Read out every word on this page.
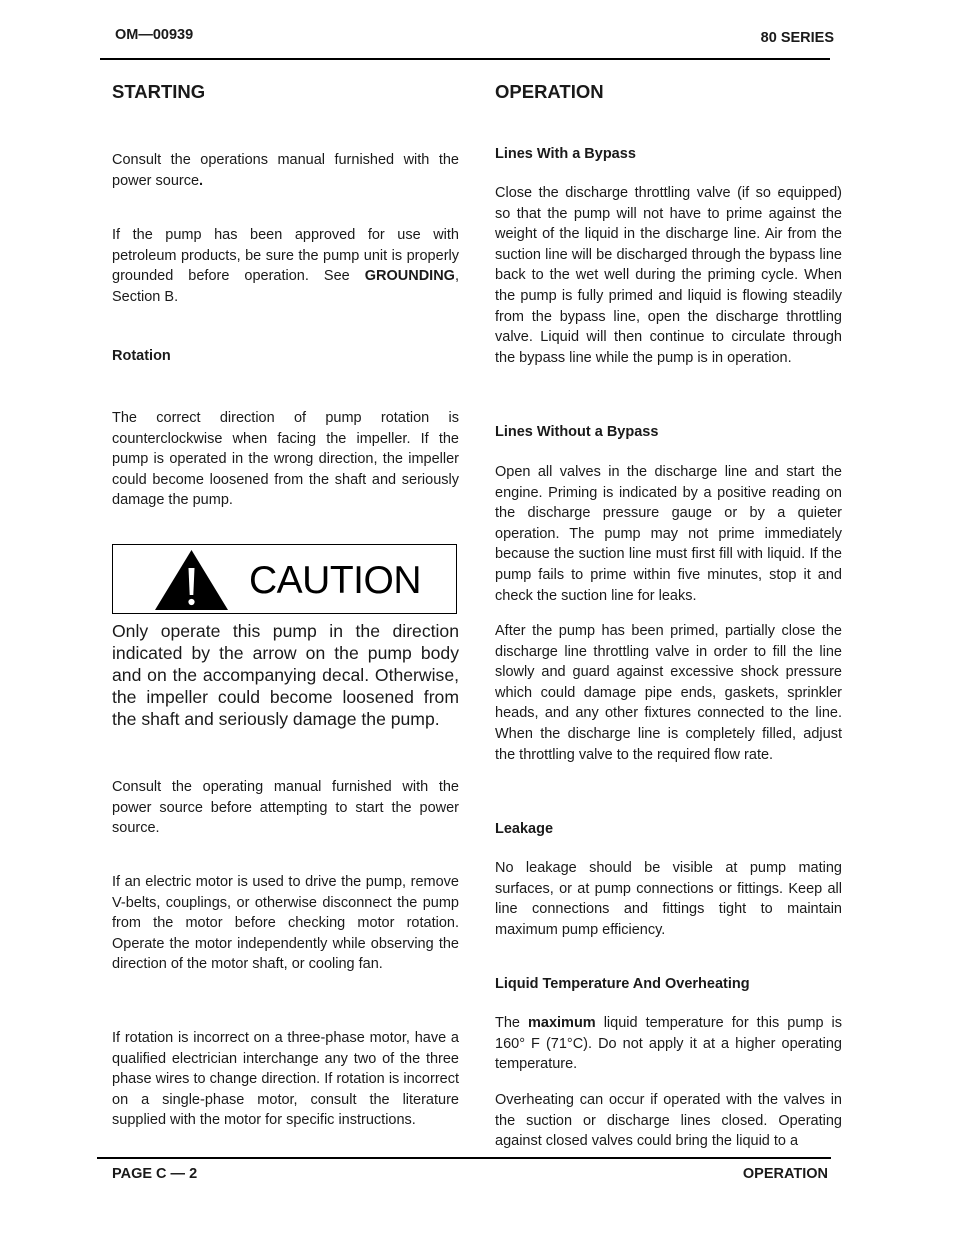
OM—00939	80 SERIES
STARTING

Consult the operations manual furnished with the power source.

If the pump has been approved for use with petroleum products, be sure the pump unit is properly grounded before operation. See GROUNDING, Section B.

Rotation

The correct direction of pump rotation is counterclockwise when facing the impeller. If the pump is operated in the wrong direction, the impeller could become loosened from the shaft and seriously damage the pump.

CAUTION

Only operate this pump in the direction indicated by the arrow on the pump body and on the accompanying decal. Otherwise, the impeller could become loosened from the shaft and seriously damage the pump.

Consult the operating manual furnished with the power source before attempting to start the power source.

If an electric motor is used to drive the pump, remove V-belts, couplings, or otherwise disconnect the pump from the motor before checking motor rotation. Operate the motor independently while observing the direction of the motor shaft, or cooling fan.

If rotation is incorrect on a three-phase motor, have a qualified electrician interchange any two of the three phase wires to change direction. If rotation is incorrect on a single-phase motor, consult the literature supplied with the motor for specific instructions.

OPERATION
Lines With a Bypass

Close the discharge throttling valve (if so equipped) so that the pump will not have to prime against the weight of the liquid in the discharge line. Air from the suction line will be discharged through the bypass line back to the wet well during the priming cycle. When the pump is fully primed and liquid is flowing steadily from the bypass line, open the discharge throttling valve. Liquid will then continue to circulate through the bypass line while the pump is in operation.

Lines Without a Bypass

Open all valves in the discharge line and start the engine. Priming is indicated by a positive reading on the discharge pressure gauge or by a quieter operation. The pump may not prime immediately because the suction line must first fill with liquid. If the pump fails to prime within five minutes, stop it and check the suction line for leaks.

After the pump has been primed, partially close the discharge line throttling valve in order to fill the line slowly and guard against excessive shock pressure which could damage pipe ends, gaskets, sprinkler heads, and any other fixtures connected to the line. When the discharge line is completely filled, adjust the throttling valve to the required flow rate.

Leakage

No leakage should be visible at pump mating surfaces, or at pump connections or fittings. Keep all line connections and fittings tight to maintain maximum pump efficiency.

Liquid Temperature And Overheating

The maximum liquid temperature for this pump is 160° F (71°C). Do not apply it at a higher operating temperature.

Overheating can occur if operated with the valves in the suction or discharge lines closed. Operating against closed valves could bring the liquid to a

PAGE C — 2	OPERATION
